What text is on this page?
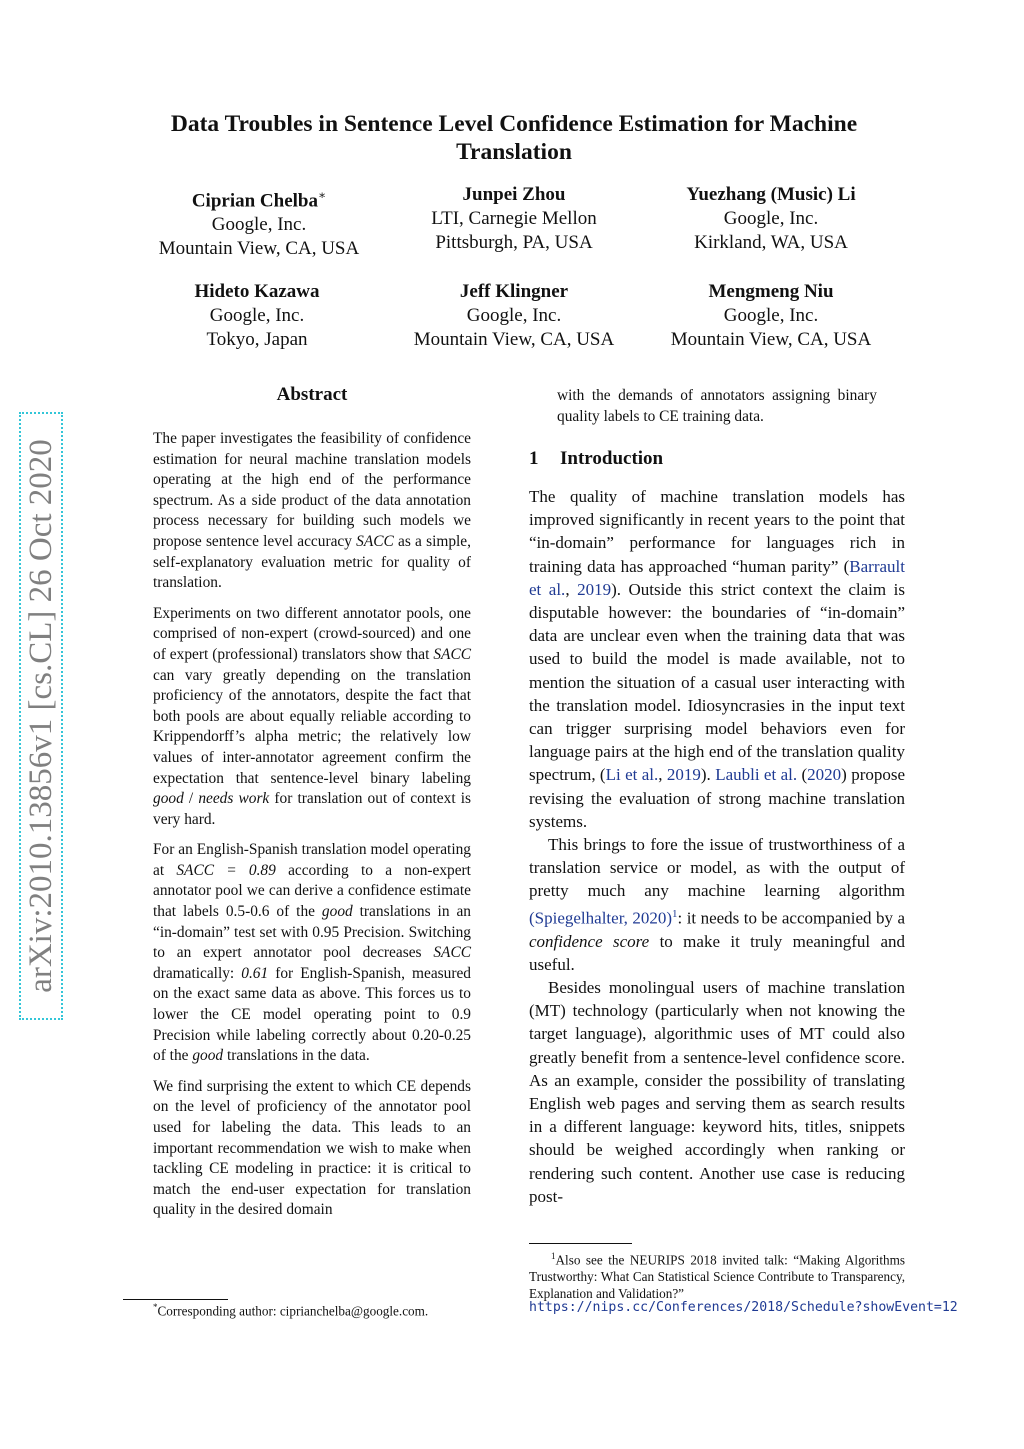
arXiv:2010.13856v1 [cs.CL] 26 Oct 2020
Data Troubles in Sentence Level Confidence Estimation for Machine Translation
Ciprian Chelba∗
Google, Inc.
Mountain View, CA, USA
Junpei Zhou
LTI, Carnegie Mellon
Pittsburgh, PA, USA
Yuezhang (Music) Li
Google, Inc.
Kirkland, WA, USA
Hideto Kazawa
Google, Inc.
Tokyo, Japan
Jeff Klingner
Google, Inc.
Mountain View, CA, USA
Mengmeng Niu
Google, Inc.
Mountain View, CA, USA
Abstract

The paper investigates the feasibility of confidence estimation for neural machine translation models operating at the high end of the performance spectrum. As a side product of the data annotation process necessary for building such models we propose sentence level accuracy SACC as a simple, self-explanatory evaluation metric for quality of translation.

Experiments on two different annotator pools, one comprised of non-expert (crowd-sourced) and one of expert (professional) translators show that SACC can vary greatly depending on the translation proficiency of the annotators, despite the fact that both pools are about equally reliable according to Krippendorff’s alpha metric; the relatively low values of inter-annotator agreement confirm the expectation that sentence-level binary labeling good / needs work for translation out of context is very hard.

For an English-Spanish translation model operating at SACC = 0.89 according to a non-expert annotator pool we can derive a confidence estimate that labels 0.5-0.6 of the good translations in an “in-domain” test set with 0.95 Precision. Switching to an expert annotator pool decreases SACC dramatically: 0.61 for English-Spanish, measured on the exact same data as above. This forces us to lower the CE model operating point to 0.9 Precision while labeling correctly about 0.20-0.25 of the good translations in the data.

We find surprising the extent to which CE depends on the level of proficiency of the annotator pool used for labeling the data. This leads to an important recommendation we wish to make when tackling CE modeling in practice: it is critical to match the end-user expectation for translation quality in the desired domain

*Corresponding author: ciprianchelba@google.com.
with the demands of annotators assigning binary quality labels to CE training data.
1 Introduction

The quality of machine translation models has improved significantly in recent years to the point that “in-domain” performance for languages rich in training data has approached “human parity” (Barrault et al., 2019). Outside this strict context the claim is disputable however: the boundaries of “in-domain” data are unclear even when the training data that was used to build the model is made available, not to mention the situation of a casual user interacting with the translation model. Idiosyncrasies in the input text can trigger surprising model behaviors even for language pairs at the high end of the translation quality spectrum, (Li et al., 2019). Laubli et al. (2020) propose revising the evaluation of strong machine translation systems.

This brings to fore the issue of trustworthiness of a translation service or model, as with the output of pretty much any machine learning algorithm (Spiegelhalter, 2020)$^1$: it needs to be accompanied by a confidence score to make it truly meaningful and useful.

Besides monolingual users of machine translation (MT) technology (particularly when not knowing the target language), algorithmic uses of MT could also greatly benefit from a sentence-level confidence score. As an example, consider the possibility of translating English web pages and serving them as search results in a different language: keyword hits, titles, snippets should be weighed accordingly when ranking or rendering such content. Another use case is reducing post-

$^1$Also see the NEURIPS 2018 invited talk: “Making Algorithms Trustworthy: What Can Statistical Science Contribute to Transparency, Explanation and Validation?”
https://nips.cc/Conferences/2018/Schedule?showEvent=12
